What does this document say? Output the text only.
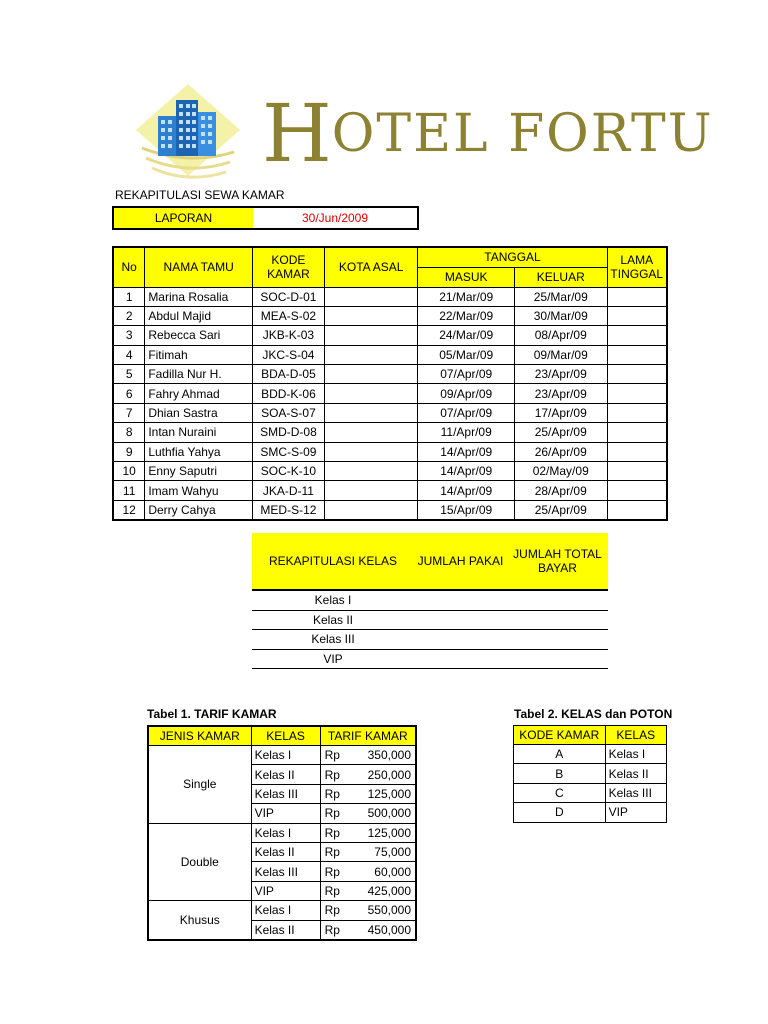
HOTEL FORTU
REKAPITULASI SEWA KAMAR
LAPORAN	30/Jun/2009
No	NAMA TAMU	KODE KAMAR	KOTA ASAL	TANGGAL		LAMA TINGGAL
				MASUK	KELUAR	
1	Marina Rosalia	SOC-D-01		21/Mar/09	25/Mar/09	
2	Abdul Majid	MEA-S-02		22/Mar/09	30/Mar/09	
3	Rebecca Sari	JKB-K-03		24/Mar/09	08/Apr/09	
4	Fitimah	JKC-S-04		05/Mar/09	09/Mar/09	
5	Fadilla Nur H.	BDA-D-05		07/Apr/09	23/Apr/09	
6	Fahry Ahmad	BDD-K-06		09/Apr/09	23/Apr/09	
7	Dhian Sastra	SOA-S-07		07/Apr/09	17/Apr/09	
8	Intan Nuraini	SMD-D-08		11/Apr/09	25/Apr/09	
9	Luthfia Yahya	SMC-S-09		14/Apr/09	26/Apr/09	
10	Enny Saputri	SOC-K-10		14/Apr/09	02/May/09	
11	Imam Wahyu	JKA-D-11		14/Apr/09	28/Apr/09	
12	Derry Cahya	MED-S-12		15/Apr/09	25/Apr/09	
REKAPITULASI KELAS	JUMLAH PAKAI	JUMLAH TOTAL BAYAR
Kelas I		
Kelas II		
Kelas III		
VIP		
Tabel 1. TARIF KAMAR	Tabel 2. KELAS dan POTON
JENIS KAMAR	KELAS	TARIF KAMAR	
Single	Kelas I	Rp	350,000
	Kelas II	Rp	250,000
	Kelas III	Rp	125,000
	VIP	Rp	500,000
Double	Kelas I	Rp	125,000
	Kelas II	Rp	75,000
	Kelas III	Rp	60,000
	VIP	Rp	425,000
Khusus	Kelas I	Rp	550,000
	Kelas II	Rp	450,000
KODE KAMAR	KELAS
A	Kelas I
B	Kelas II
C	Kelas III
D	VIP
